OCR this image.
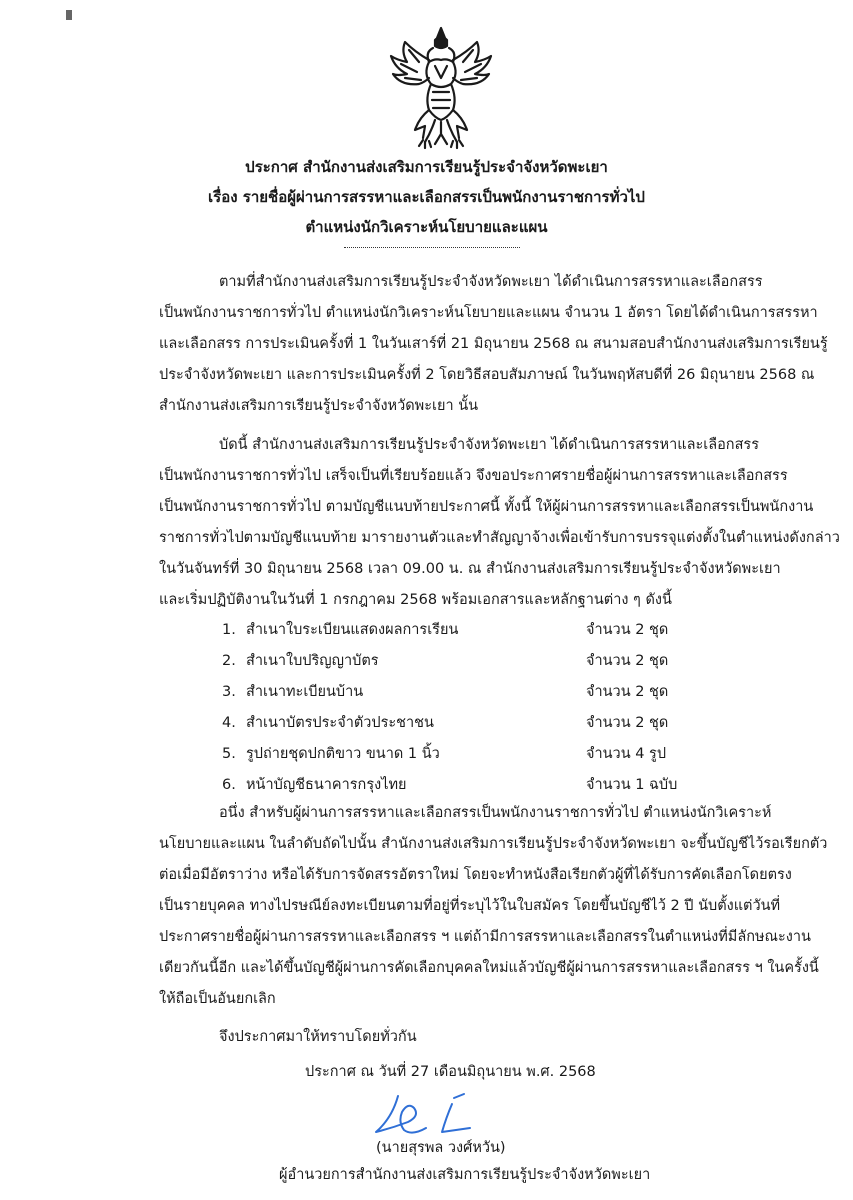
ประกาศ สำนักงานส่งเสริมการเรียนรู้ประจำจังหวัดพะเยา
เรื่อง รายชื่อผู้ผ่านการสรรหาและเลือกสรรเป็นพนักงานราชการทั่วไป
ตำแหน่งนักวิเคราะห์นโยบายและแผน
ตามที่สำนักงานส่งเสริมการเรียนรู้ประจำจังหวัดพะเยา ได้ดำเนินการสรรหาและเลือกสรร
เป็นพนักงานราชการทั่วไป ตำแหน่งนักวิเคราะห์นโยบายและแผน จำนวน 1 อัตรา โดยได้ดำเนินการสรรหา
และเลือกสรร การประเมินครั้งที่ 1 ในวันเสาร์ที่ 21 มิถุนายน 2568 ณ สนามสอบสำนักงานส่งเสริมการเรียนรู้
ประจำจังหวัดพะเยา และการประเมินครั้งที่ 2 โดยวิธีสอบสัมภาษณ์ ในวันพฤหัสบดีที่ 26 มิถุนายน 2568 ณ
สำนักงานส่งเสริมการเรียนรู้ประจำจังหวัดพะเยา นั้น
บัดนี้ สำนักงานส่งเสริมการเรียนรู้ประจำจังหวัดพะเยา ได้ดำเนินการสรรหาและเลือกสรร
เป็นพนักงานราชการทั่วไป เสร็จเป็นที่เรียบร้อยแล้ว จึงขอประกาศรายชื่อผู้ผ่านการสรรหาและเลือกสรร
เป็นพนักงานราชการทั่วไป ตามบัญชีแนบท้ายประกาศนี้ ทั้งนี้ ให้ผู้ผ่านการสรรหาและเลือกสรรเป็นพนักงาน
ราชการทั่วไปตามบัญชีแนบท้าย มารายงานตัวและทำสัญญาจ้างเพื่อเข้ารับการบรรจุแต่งตั้งในตำแหน่งดังกล่าว
ในวันจันทร์ที่ 30 มิถุนายน 2568 เวลา 09.00 น. ณ สำนักงานส่งเสริมการเรียนรู้ประจำจังหวัดพะเยา
และเริ่มปฏิบัติงานในวันที่ 1 กรกฎาคม 2568 พร้อมเอกสารและหลักฐานต่าง ๆ ดังนี้
1. สำเนาใบระเบียนแสดงผลการเรียน	จำนวน 2 ชุด
2. สำเนาใบปริญญาบัตร	จำนวน 2 ชุด
3. สำเนาทะเบียนบ้าน	จำนวน 2 ชุด
4. สำเนาบัตรประจำตัวประชาชน	จำนวน 2 ชุด
5. รูปถ่ายชุดปกติขาว ขนาด 1 นิ้ว	จำนวน 4 รูป
6. หน้าบัญชีธนาคารกรุงไทย	จำนวน 1 ฉบับ
อนึ่ง สำหรับผู้ผ่านการสรรหาและเลือกสรรเป็นพนักงานราชการทั่วไป ตำแหน่งนักวิเคราะห์
นโยบายและแผน ในลำดับถัดไปนั้น สำนักงานส่งเสริมการเรียนรู้ประจำจังหวัดพะเยา จะขึ้นบัญชีไว้รอเรียกตัว
ต่อเมื่อมีอัตราว่าง หรือได้รับการจัดสรรอัตราใหม่ โดยจะทำหนังสือเรียกตัวผู้ที่ได้รับการคัดเลือกโดยตรง
เป็นรายบุคคล ทางไปรษณีย์ลงทะเบียนตามที่อยู่ที่ระบุไว้ในใบสมัคร โดยขึ้นบัญชีไว้ 2 ปี นับตั้งแต่วันที่
ประกาศรายชื่อผู้ผ่านการสรรหาและเลือกสรร ฯ แต่ถ้ามีการสรรหาและเลือกสรรในตำแหน่งที่มีลักษณะงาน
เดียวกันนี้อีก และได้ขึ้นบัญชีผู้ผ่านการคัดเลือกบุคคลใหม่แล้วบัญชีผู้ผ่านการสรรหาและเลือกสรร ฯ ในครั้งนี้
ให้ถือเป็นอันยกเลิก
จึงประกาศมาให้ทราบโดยทั่วกัน
ประกาศ ณ วันที่ 27 เดือนมิถุนายน พ.ศ. 2568
(นายสุรพล วงศ์หวัน)
ผู้อำนวยการสำนักงานส่งเสริมการเรียนรู้ประจำจังหวัดพะเยา
